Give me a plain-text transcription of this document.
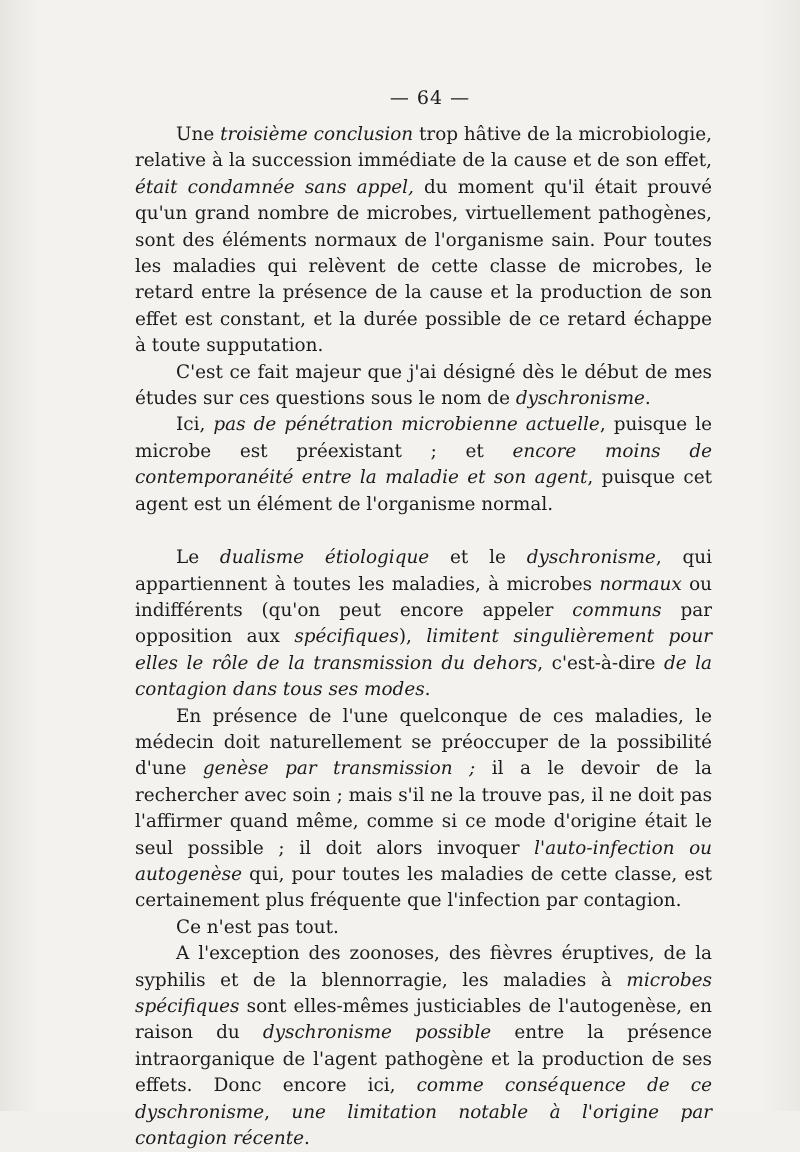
— 64 —

Une troisième conclusion trop hâtive de la microbiologie, relative à la succession immédiate de la cause et de son effet, était condamnée sans appel, du moment qu'il était prouvé qu'un grand nombre de microbes, virtuellement pathogènes, sont des éléments normaux de l'organisme sain. Pour toutes les maladies qui relèvent de cette classe de microbes, le retard entre la présence de la cause et la production de son effet est constant, et la durée possible de ce retard échappe à toute supputation.

C'est ce fait majeur que j'ai désigné dès le début de mes études sur ces questions sous le nom de dyschronisme.

Ici, pas de pénétration microbienne actuelle, puisque le microbe est préexistant ; et encore moins de contemporanéité entre la maladie et son agent, puisque cet agent est un élément de l'organisme normal.

Le dualisme étiologique et le dyschronisme, qui appartiennent à toutes les maladies, à microbes normaux ou indifférents (qu'on peut encore appeler communs par opposition aux spécifiques), limitent singulièrement pour elles le rôle de la transmission du dehors, c'est-à-dire de la contagion dans tous ses modes.

En présence de l'une quelconque de ces maladies, le médecin doit naturellement se préoccuper de la possibilité d'une genèse par transmission ; il a le devoir de la rechercher avec soin ; mais s'il ne la trouve pas, il ne doit pas l'affirmer quand même, comme si ce mode d'origine était le seul possible ; il doit alors invoquer l'auto-infection ou autogenèse qui, pour toutes les maladies de cette classe, est certainement plus fréquente que l'infection par contagion.

Ce n'est pas tout.

A l'exception des zoonoses, des fièvres éruptives, de la syphilis et de la blennorragie, les maladies à microbes spécifiques sont elles-mêmes justiciables de l'autogenèse, en raison du dyschronisme possible entre la présence intraorganique de l'agent pathogène et la production de ses effets. Donc encore ici, comme conséquence de ce dyschronisme, une limitation notable à l'origine par contagion récente.
